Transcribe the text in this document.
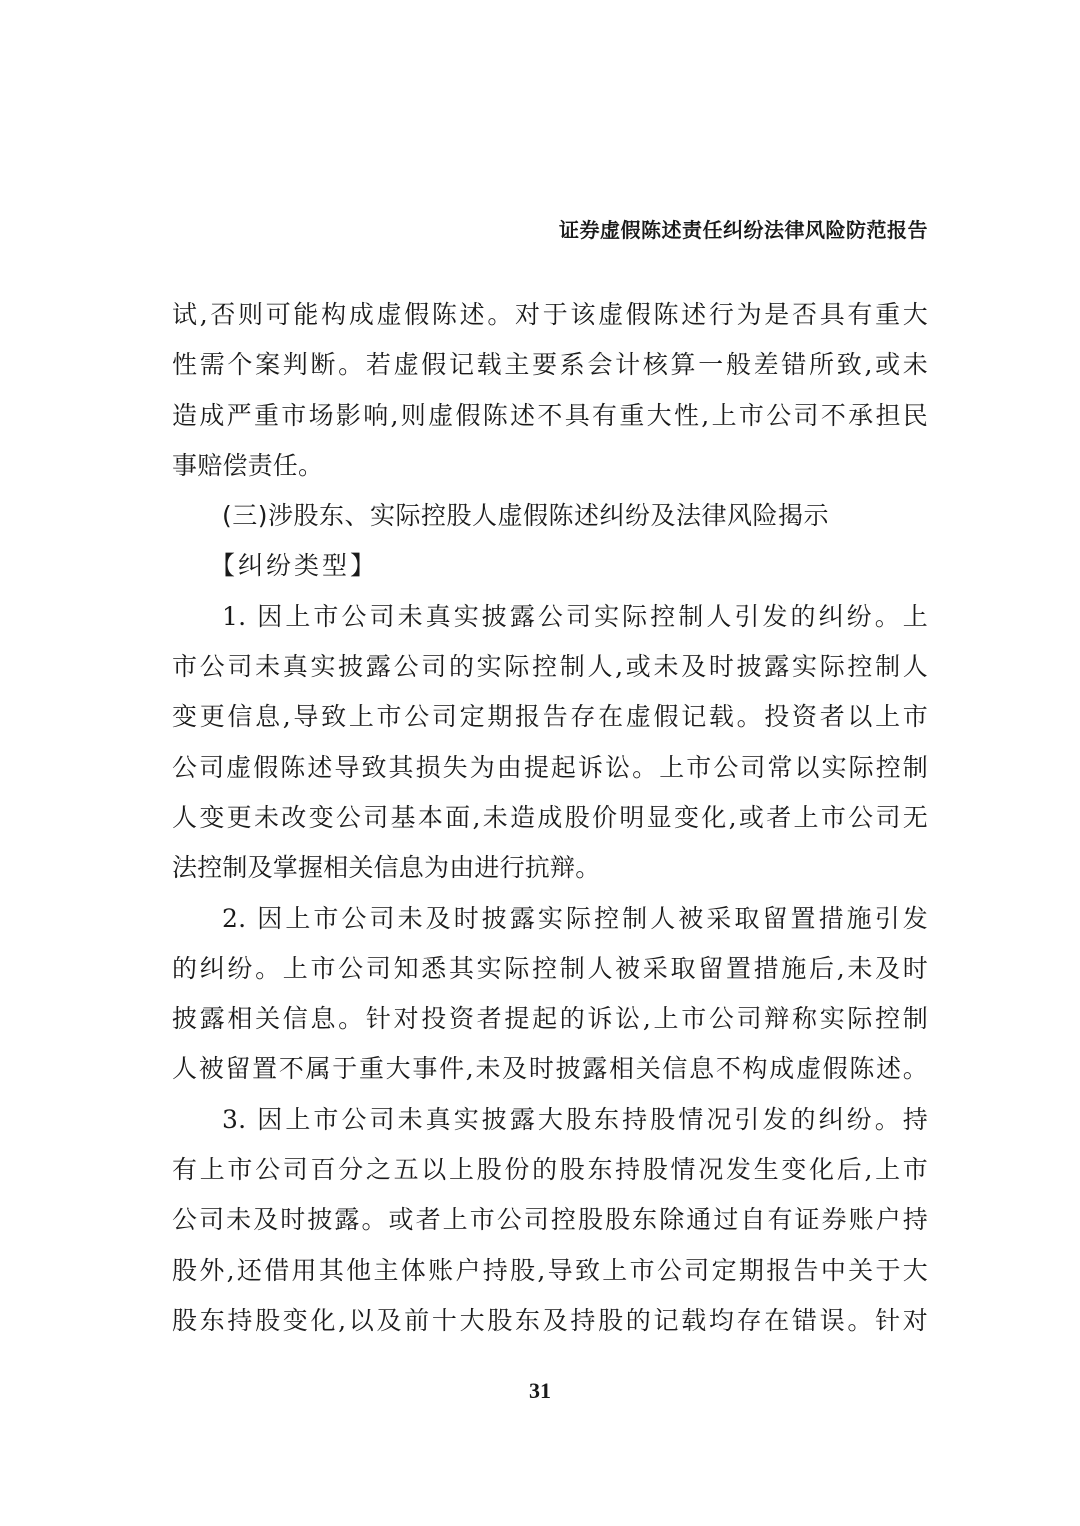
证券虚假陈述责任纠纷法律风险防范报告
试,否则可能构成虚假陈述。对于该虚假陈述行为是否具有重大
性需个案判断。若虚假记载主要系会计核算一般差错所致,或未
造成严重市场影响,则虚假陈述不具有重大性,上市公司不承担民
事赔偿责任。
(三)涉股东、实际控股人虚假陈述纠纷及法律风险揭示
【纠纷类型】
1. 因上市公司未真实披露公司实际控制人引发的纠纷。上
市公司未真实披露公司的实际控制人,或未及时披露实际控制人
变更信息,导致上市公司定期报告存在虚假记载。投资者以上市
公司虚假陈述导致其损失为由提起诉讼。上市公司常以实际控制
人变更未改变公司基本面,未造成股价明显变化,或者上市公司无
法控制及掌握相关信息为由进行抗辩。
2. 因上市公司未及时披露实际控制人被采取留置措施引发
的纠纷。上市公司知悉其实际控制人被采取留置措施后,未及时
披露相关信息。针对投资者提起的诉讼,上市公司辩称实际控制
人被留置不属于重大事件,未及时披露相关信息不构成虚假陈述。
3. 因上市公司未真实披露大股东持股情况引发的纠纷。持
有上市公司百分之五以上股份的股东持股情况发生变化后,上市
公司未及时披露。或者上市公司控股股东除通过自有证券账户持
股外,还借用其他主体账户持股,导致上市公司定期报告中关于大
股东持股变化,以及前十大股东及持股的记载均存在错误。针对
31
